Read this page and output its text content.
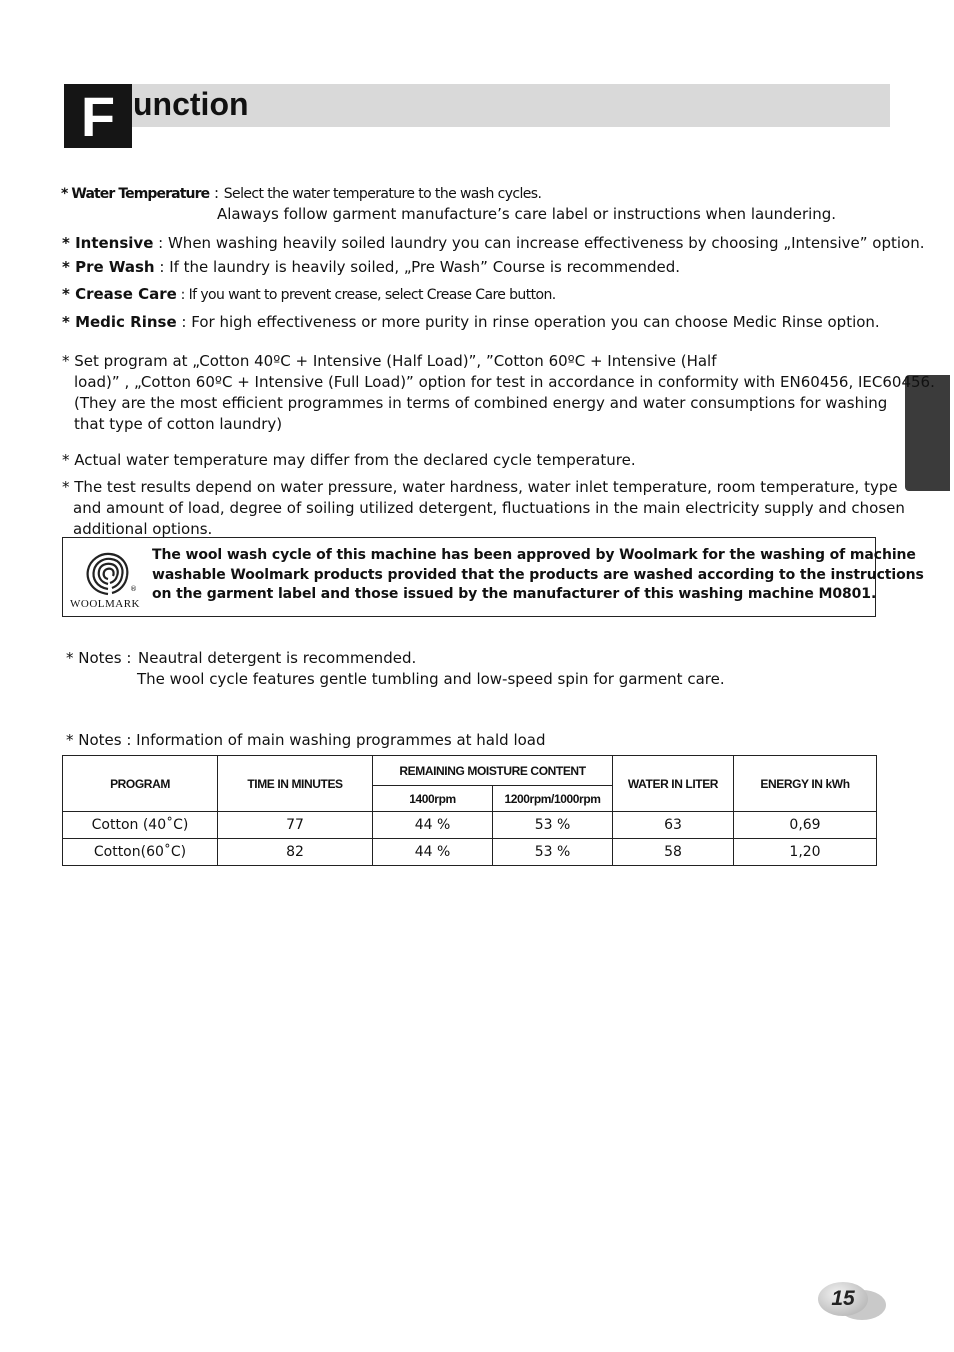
F unction
* Water Temperature : Select the water temperature to the wash cycles.
Alaways follow garment manufacture’s care label or instructions when laundering.
* Intensive : When washing heavily soiled laundry you can increase effectiveness by choosing „Intensive” option.
* Pre Wash : If the laundry is heavily soiled, „Pre Wash” Course is recommended.
* Crease Care : If you want to prevent crease, select Crease Care button.
* Medic Rinse : For high effectiveness or more purity in rinse operation you can choose Medic Rinse option.
* Set program at „Cotton 40ºC + Intensive (Half Load)”, ”Cotton 60ºC + Intensive (Half
load)” , „Cotton 60ºC + Intensive (Full Load)” option for test in accordance in conformity with EN60456, IEC60456.
(They are the most efficient programmes in terms of combined energy and water consumptions for washing
that type of cotton laundry)
* Actual water temperature may differ from the declared cycle temperature.
* The test results depend on water pressure, water hardness, water inlet temperature, room temperature, type
and amount of load, degree of soiling utilized detergent, fluctuations in the main electricity supply and chosen
additional options.
®
WOOLMARK
The wool wash cycle of this machine has been approved by Woolmark for the washing of machine
washable Woolmark products provided that the products are washed according to the instructions
on the garment label and those issued by the manufacturer of this washing machine M0801.
* Notes : Neautral detergent is recommended.
The wool cycle features gentle tumbling and low-speed spin for garment care.
* Notes : Information of main washing programmes at hald load
PROGRAM	TIME IN MINUTES	REMAINING MOISTURE CONTENT		WATER IN LITER	ENERGY IN kWh
		1400rpm	1200rpm/1000rpm		
Cotton (40˚C)	77	44 %	53 %	63	0,69
Cotton(60˚C)	82	44 %	53 %	58	1,20
15
